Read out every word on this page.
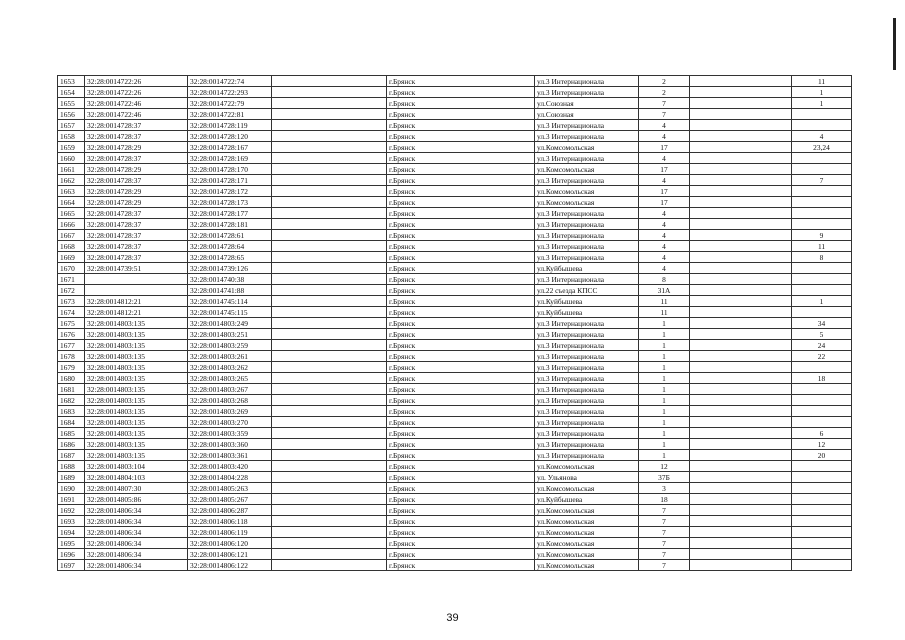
1653	32:28:0014722:26	32:28:0014722:74		г.Брянск	ул.3 Интернационала	2		11
1654	32:28:0014722:26	32:28:0014722:293		г.Брянск	ул.3 Интернационала	2		1
1655	32:28:0014722:46	32:28:0014722:79		г.Брянск	ул.Союзная	7		1
1656	32:28:0014722:46	32:28:0014722:81		г.Брянск	ул.Союзная	7		
1657	32:28:0014728:37	32:28:0014728:119		г.Брянск	ул.3 Интернационала	4		
1658	32:28:0014728:37	32:28:0014728:120		г.Брянск	ул.3 Интернационала	4		4
1659	32:28:0014728:29	32:28:0014728:167		г.Брянск	ул.Комсомольская	17		23,24
1660	32:28:0014728:37	32:28:0014728:169		г.Брянск	ул.3 Интернационала	4		
1661	32:28:0014728:29	32:28:0014728:170		г.Брянск	ул.Комсомольская	17		
1662	32:28:0014728:37	32:28:0014728:171		г.Брянск	ул.3 Интернационала	4		7
1663	32:28:0014728:29	32:28:0014728:172		г.Брянск	ул.Комсомольская	17		
1664	32:28:0014728:29	32:28:0014728:173		г.Брянск	ул.Комсомольская	17		
1665	32:28:0014728:37	32:28:0014728:177		г.Брянск	ул.3 Интернационала	4		
1666	32:28:0014728:37	32:28:0014728:181		г.Брянск	ул.3 Интернационала	4		
1667	32:28:0014728:37	32:28:0014728:61		г.Брянск	ул.3 Интернационала	4		9
1668	32:28:0014728:37	32:28:0014728:64		г.Брянск	ул.3 Интернационала	4		11
1669	32:28:0014728:37	32:28:0014728:65		г.Брянск	ул.3 Интернационала	4		8
1670	32:28:0014739:51	32:28:0014739:126		г.Брянск	ул.Куйбышева	4		
1671		32:28:0014740:38		г.Брянск	ул.3 Интернационала	8		
1672		32:28:0014741:88		г.Брянск	ул.22 съезда КПСС	31А		
1673	32:28:0014812:21	32:28:0014745:114		г.Брянск	ул.Куйбышева	11		1
1674	32:28:0014812:21	32:28:0014745:115		г.Брянск	ул.Куйбышева	11		
1675	32:28:0014803:135	32:28:0014803:249		г.Брянск	ул.3 Интернационала	1		34
1676	32:28:0014803:135	32:28:0014803:251		г.Брянск	ул.3 Интернационала	1		5
1677	32:28:0014803:135	32:28:0014803:259		г.Брянск	ул.3 Интернационала	1		24
1678	32:28:0014803:135	32:28:0014803:261		г.Брянск	ул.3 Интернационала	1		22
1679	32:28:0014803:135	32:28:0014803:262		г.Брянск	ул.3 Интернационала	1		
1680	32:28:0014803:135	32:28:0014803:265		г.Брянск	ул.3 Интернационала	1		18
1681	32:28:0014803:135	32:28:0014803:267		г.Брянск	ул.3 Интернационала	1		
1682	32:28:0014803:135	32:28:0014803:268		г.Брянск	ул.3 Интернационала	1		
1683	32:28:0014803:135	32:28:0014803:269		г.Брянск	ул.3 Интернационала	1		
1684	32:28:0014803:135	32:28:0014803:270		г.Брянск	ул.3 Интернационала	1		
1685	32:28:0014803:135	32:28:0014803:359		г.Брянск	ул.3 Интернационала	1		6
1686	32:28:0014803:135	32:28:0014803:360		г.Брянск	ул.3 Интернационала	1		12
1687	32:28:0014803:135	32:28:0014803:361		г.Брянск	ул.3 Интернационала	1		20
1688	32:28:0014803:104	32:28:0014803:420		г.Брянск	ул.Комсомольская	12		
1689	32:28:0014804:103	32:28:0014804:228		г.Брянск	ул. Ульянова	37Б		
1690	32:28:0014807:30	32:28:0014805:263		г.Брянск	ул.Комсомольская	3		
1691	32:28:0014805:86	32:28:0014805:267		г.Брянск	ул.Куйбышева	18		
1692	32:28:0014806:34	32:28:0014806:287		г.Брянск	ул.Комсомольская	7		
1693	32:28:0014806:34	32:28:0014806:118		г.Брянск	ул.Комсомольская	7		
1694	32:28:0014806:34	32:28:0014806:119		г.Брянск	ул.Комсомольская	7		
1695	32:28:0014806:34	32:28:0014806:120		г.Брянск	ул.Комсомольская	7		
1696	32:28:0014806:34	32:28:0014806:121		г.Брянск	ул.Комсомольская	7		
1697	32:28:0014806:34	32:28:0014806:122		г.Брянск	ул.Комсомольская	7		
39
